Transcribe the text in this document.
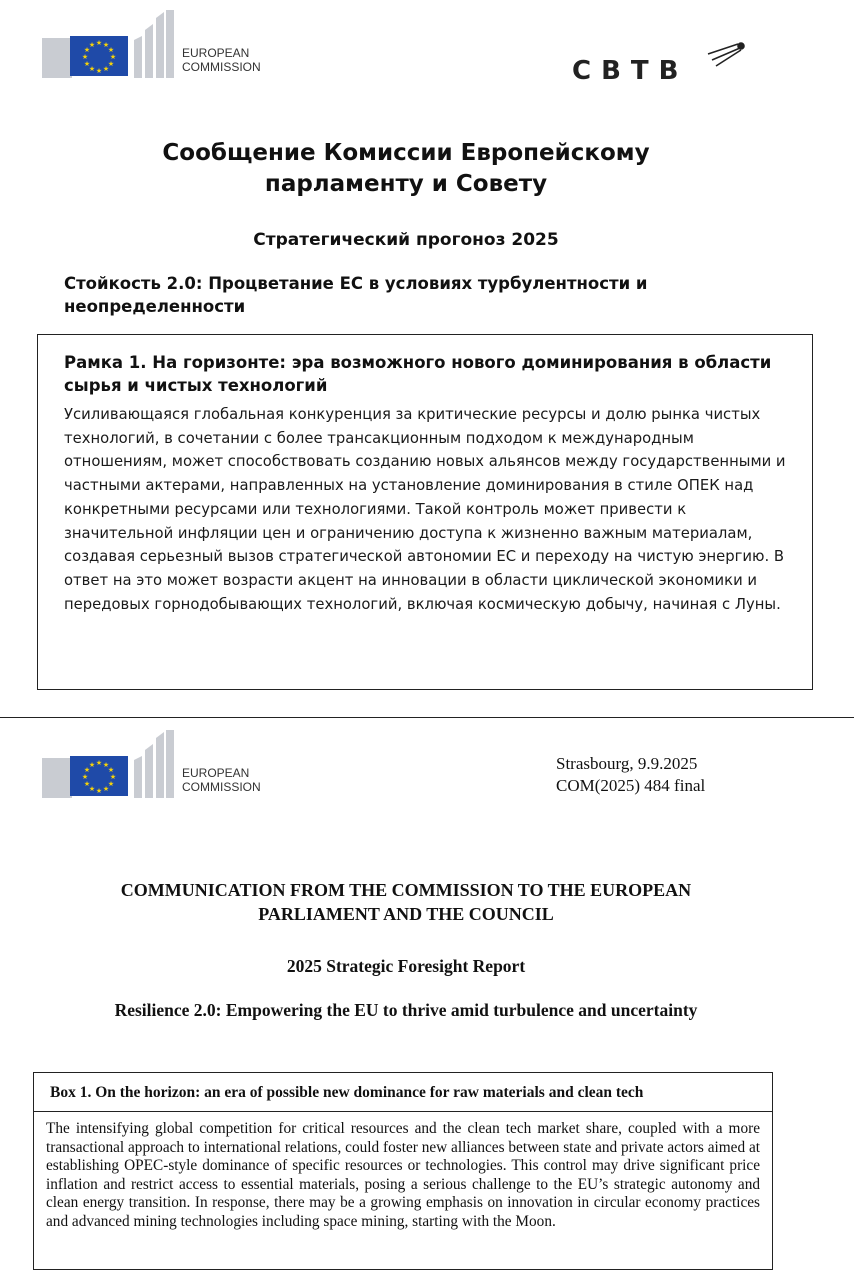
★ ★
★
★
★
★
★
★
★
★
★
★
EUROPEAN
COMMISSION	CBTB
Сообщение Комиссии Европейскому
парламенту и Совету
Стратегический прогоноз 2025
Стойкость 2.0: Процветание ЕС в условиях турбулентности и неопределенности
Рамка 1. На горизонте: эра возможного нового доминирования в области сырья и чистых технологий

Усиливающаяся глобальная конкуренция за критические ресурсы и долю рынка чистых технологий, в сочетании с более трансакционным подходом к международным отношениям, может способствовать созданию новых альянсов между государственными и частными актерами, направленных на установление доминирования в стиле ОПЕК над конкретными ресурсами или технологиями. Такой контроль может привести к значительной инфляции цен и ограничению доступа к жизненно важным материалам, создавая серьезный вызов стратегической автономии ЕС и переходу на чистую энергию. В ответ на это может возрасти акцент на инновации в области циклической экономики и передовых горнодобывающих технологий, включая космическую добычу, начиная с Луны.

★ ★
★
★
★
★
★
★
★
★
★
★
EUROPEAN
COMMISSION
Strasbourg, 9.9.2025
COM(2025) 484 final
COMMUNICATION FROM THE COMMISSION TO THE EUROPEAN
PARLIAMENT AND THE COUNCIL
2025 Strategic Foresight Report
Resilience 2.0: Empowering the EU to thrive amid turbulence and uncertainty
Box 1. On the horizon: an era of possible new dominance for raw materials and clean tech

The intensifying global competition for critical resources and the clean tech market share, coupled with a more transactional approach to international relations, could foster new alliances between state and private actors aimed at establishing OPEC-style dominance of specific resources or technologies. This control may drive significant price inflation and restrict access to essential materials, posing a serious challenge to the EU’s strategic autonomy and clean energy transition. In response, there may be a growing emphasis on innovation in circular economy practices and advanced mining technologies including space mining, starting with the Moon.
